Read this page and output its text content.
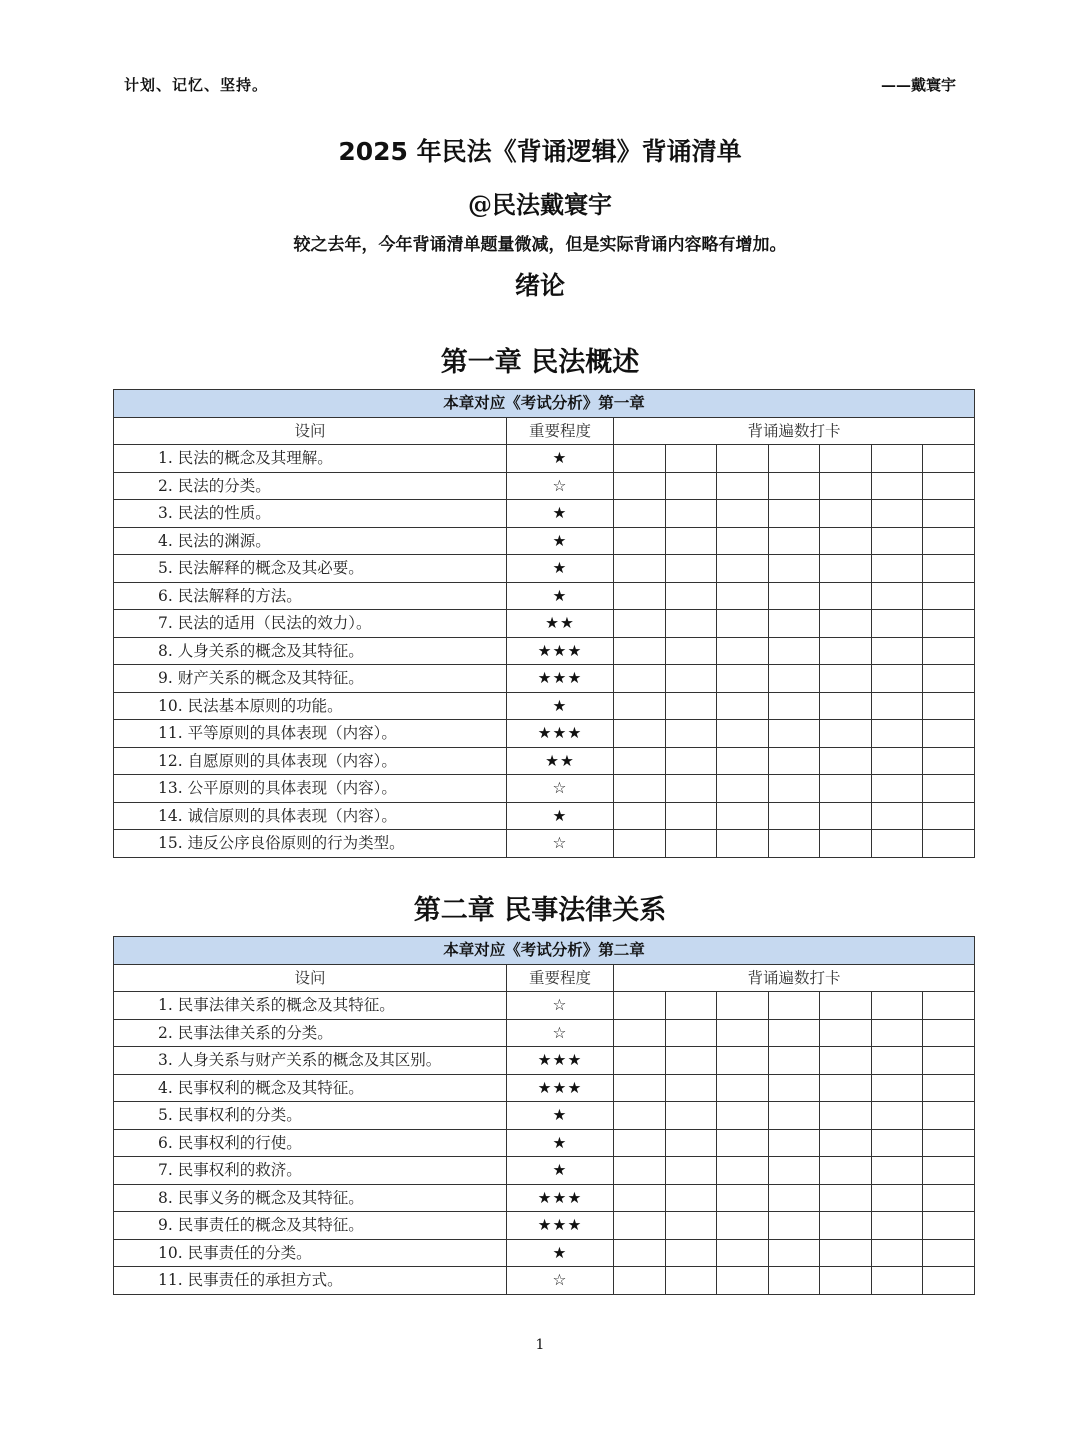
计划、记忆、坚持。	——戴寰宇
2025 年民法《背诵逻辑》背诵清单
@民法戴寰宇
较之去年，今年背诵清单题量微减，但是实际背诵内容略有增加。
绪论
第一章 民法概述
本章对应《考试分析》第一章								
设问	重要程度	背诵遍数打卡						
1. 民法的概念及其理解。	★							
2. 民法的分类。	☆							
3. 民法的性质。	★							
4. 民法的渊源。	★							
5. 民法解释的概念及其必要。	★							
6. 民法解释的方法。	★							
7. 民法的适用（民法的效力）。	★★							
8. 人身关系的概念及其特征。	★★★							
9. 财产关系的概念及其特征。	★★★							
10. 民法基本原则的功能。	★							
11. 平等原则的具体表现（内容）。	★★★							
12. 自愿原则的具体表现（内容）。	★★							
13. 公平原则的具体表现（内容）。	☆							
14. 诚信原则的具体表现（内容）。	★							
15. 违反公序良俗原则的行为类型。	☆							
第二章 民事法律关系
本章对应《考试分析》第二章								
设问	重要程度	背诵遍数打卡						
1. 民事法律关系的概念及其特征。	☆							
2. 民事法律关系的分类。	☆							
3. 人身关系与财产关系的概念及其区别。	★★★							
4. 民事权利的概念及其特征。	★★★							
5. 民事权利的分类。	★							
6. 民事权利的行使。	★							
7. 民事权利的救济。	★							
8. 民事义务的概念及其特征。	★★★							
9. 民事责任的概念及其特征。	★★★							
10. 民事责任的分类。	★							
11. 民事责任的承担方式。	☆							
1
